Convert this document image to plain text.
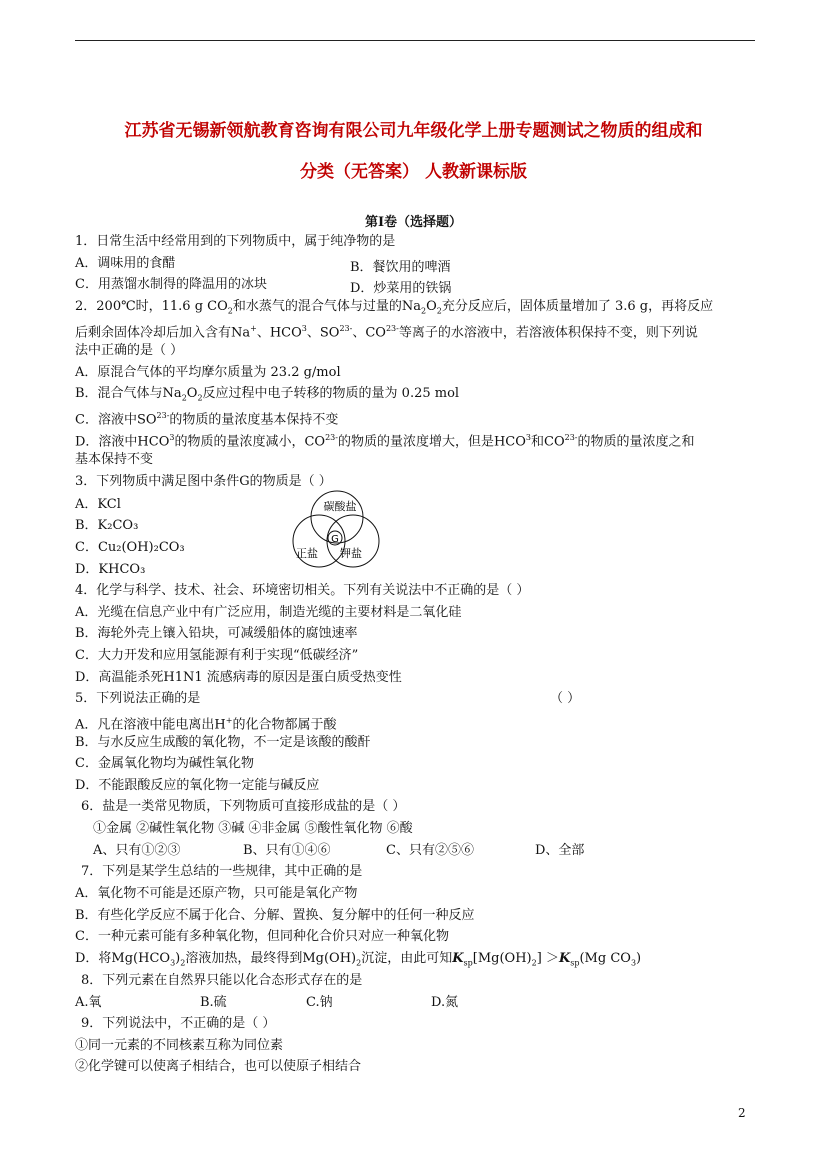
江苏省无锡新领航教育咨询有限公司九年级化学上册专题测试之物质的组成和
分类（无答案） 人教新课标版
第I卷（选择题）
1．日常生活中经常用到的下列物质中，属于纯净物的是
A．调味用的食醋	B．餐饮用的啤酒
C．用蒸馏水制得的降温用的冰块	D．炒菜用的铁锅
2．200℃时，11.6 g $CO_2$和水蒸气的混合气体与过量的$Na_2O_2$充分反应后，固体质量增加了 3.6 g，再将反应
后剩余固体冷却后加入含有Na+、HCO$^3$、$SO^{23-}$、$CO^{23-}$等离子的水溶液中，若溶液体积保持不变，则下列说
法中正确的是（ ）
A．原混合气体的平均摩尔质量为 23.2 g/mol
B．混合气体与$Na_2O_2$反应过程中电子转移的物质的量为 0.25 mol
C．溶液中$SO^{23-}$的物质的量浓度基本保持不变
D．溶液中HCO$^3$的物质的量浓度减小，$CO^{23-}$的物质的量浓度增大，但是HCO$^3$和$CO^{23-}$的物质的量浓度之和
基本保持不变
3．下列物质中满足图中条件G的物质是（ ）
A．KCl
B．K₂CO₃
C．Cu₂(OH)₂CO₃
D．KHCO₃
碳酸盐
正盐 钾盐
G
4．化学与科学、技术、社会、环境密切相关。下列有关说法中不正确的是（ ）
A．光缆在信息产业中有广泛应用，制造光缆的主要材料是二氧化硅
B．海轮外壳上镶入铅块，可减缓船体的腐蚀速率
C．大力开发和应用氢能源有利于实现“低碳经济”
D．高温能杀死H1N1 流感病毒的原因是蛋白质受热变性
5．下列说法正确的是	（ ）
A．凡在溶液中能电离出H+的化合物都属于酸
B．与水反应生成酸的氧化物，不一定是该酸的酸酐
C．金属氧化物均为碱性氧化物
D．不能跟酸反应的氧化物一定能与碱反应
6．盐是一类常见物质，下列物质可直接形成盐的是（ ）
①金属 ②碱性氧化物 ③碱 ④非金属 ⑤酸性氧化物 ⑥酸
A、只有①②③	B、只有①④⑥	C、只有②⑤⑥	D、全部
7．下列是某学生总结的一些规律，其中正确的是
A．氧化物不可能是还原产物，只可能是氧化产物
B．有些化学反应不属于化合、分解、置换、复分解中的任何一种反应
C．一种元素可能有多种氧化物，但同种化合价只对应一种氧化物
D．将$Mg(HCO_3)_2$溶液加热，最终得到$Mg(OH)_2$沉淀，由此可知$K_{sp}[Mg(OH)_2] >K_{sp}(Mg$ $CO_3$)
8．下列元素在自然界只能以化合态形式存在的是
A.氧	B.硫	C.钠	D.氮
9．下列说法中，不正确的是（ ）
①同一元素的不同核素互称为同位素
②化学键可以使离子相结合，也可以使原子相结合
2
